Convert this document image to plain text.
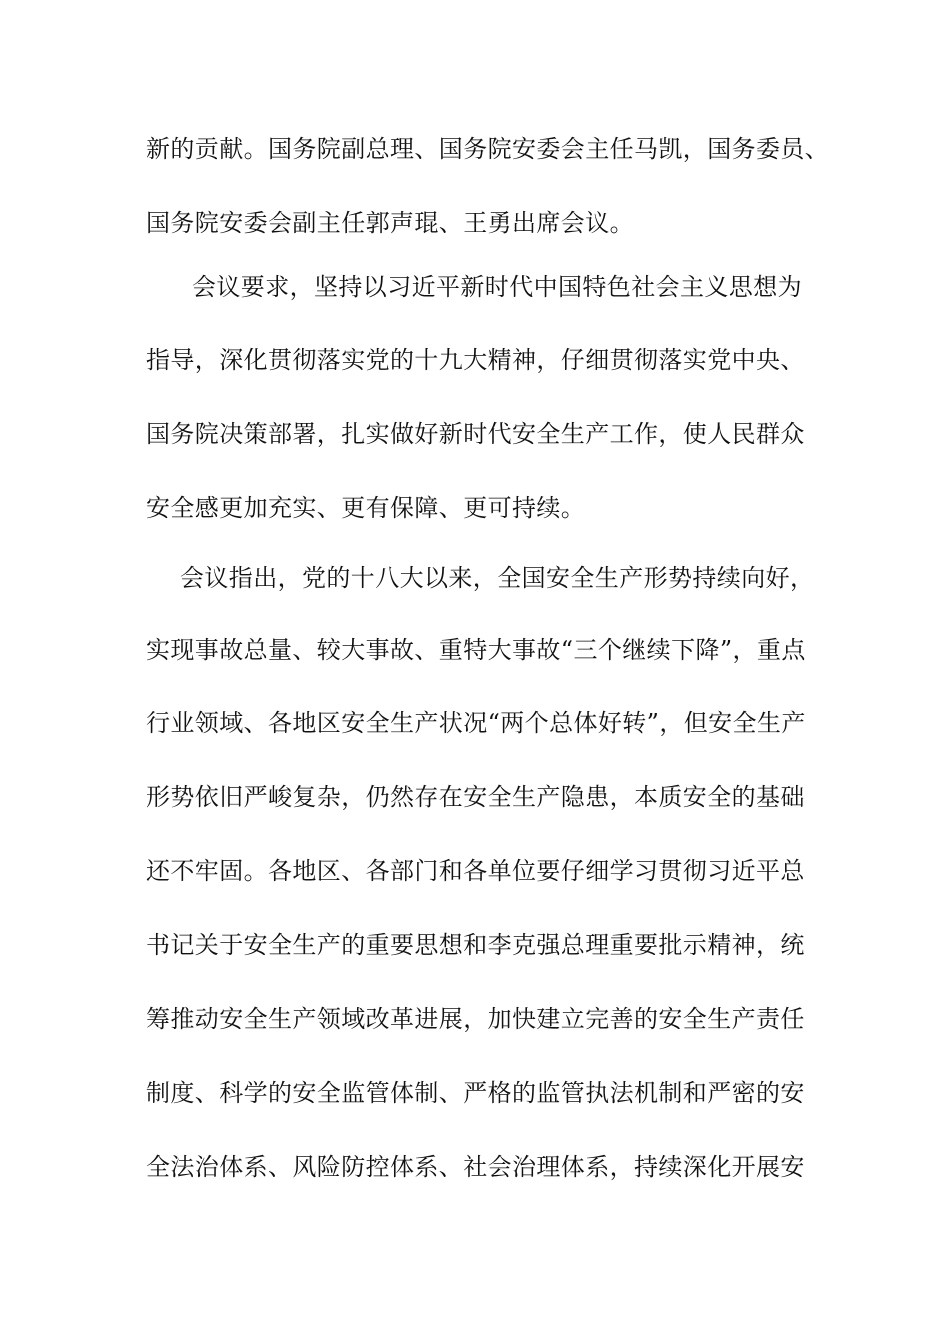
新的贡献。国务院副总理、国务院安委会主任马凯，国务委员、
国务院安委会副主任郭声琨、王勇出席会议。
会议要求，坚持以习近平新时代中国特色社会主义思想为
指导，深化贯彻落实党的十九大精神，仔细贯彻落实党中央、
国务院决策部署，扎实做好新时代安全生产工作，使人民群众
安全感更加充实、更有保障、更可持续。
会议指出，党的十八大以来，全国安全生产形势持续向好，
实现事故总量、较大事故、重特大事故“三个继续下降”，重点
行业领域、各地区安全生产状况“两个总体好转”，但安全生产
形势依旧严峻复杂，仍然存在安全生产隐患，本质安全的基础
还不牢固。各地区、各部门和各单位要仔细学习贯彻习近平总
书记关于安全生产的重要思想和李克强总理重要批示精神，统
筹推动安全生产领域改革进展，加快建立完善的安全生产责任
制度、科学的安全监管体制、严格的监管执法机制和严密的安
全法治体系、风险防控体系、社会治理体系，持续深化开展安
